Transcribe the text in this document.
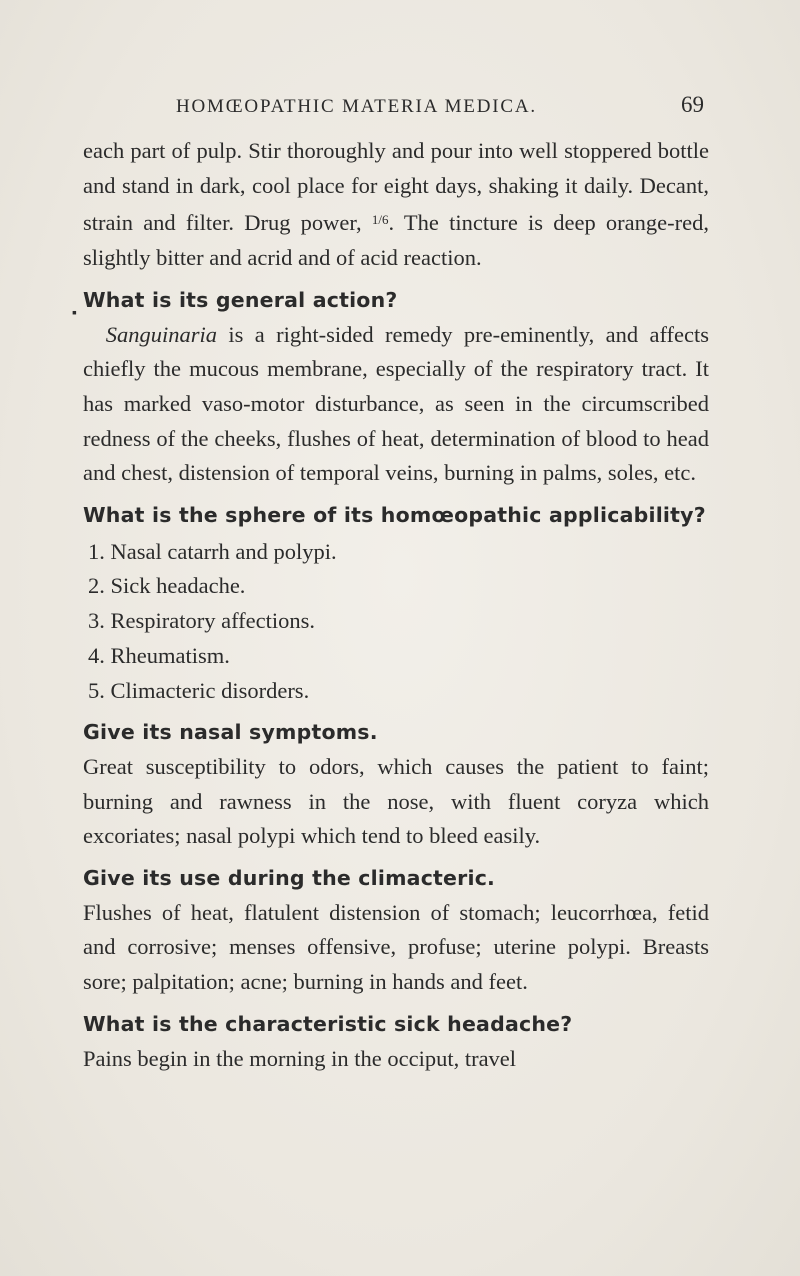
HOMŒOPATHIC MATERIA MEDICA.	69
▪

each part of pulp. Stir thoroughly and pour into well stoppered bottle and stand in dark, cool place for eight days, shaking it daily. Decant, strain and filter. Drug power, $^{1/6}$. The tincture is deep orange-red, slightly bitter and acrid and of acid reaction.

What is its general action?

Sanguinaria is a right-sided remedy pre-eminently, and affects chiefly the mucous membrane, especially of the respiratory tract. It has marked vaso-motor disturbance, as seen in the circumscribed redness of the cheeks, flushes of heat, determination of blood to head and chest, distension of temporal veins, burning in palms, soles, etc.

What is the sphere of its homœopathic applicability?
1. Nasal catarrh and polypi.
2. Sick headache.
3. Respiratory affections.
4. Rheumatism.
5. Climacteric disorders.
Give its nasal symptoms.

Great susceptibility to odors, which causes the patient to faint; burning and rawness in the nose, with fluent coryza which excoriates; nasal polypi which tend to bleed easily.

Give its use during the climacteric.

Flushes of heat, flatulent distension of stomach; leucorrhœa, fetid and corrosive; menses offensive, profuse; uterine polypi. Breasts sore; palpitation; acne; burning in hands and feet.

What is the characteristic sick headache?

Pains begin in the morning in the occiput, travel
